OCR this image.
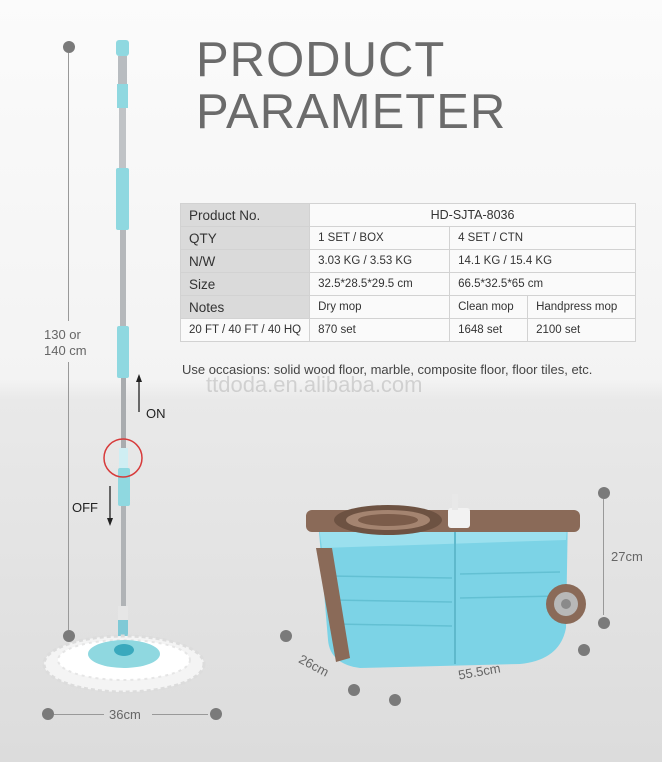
PRODUCT
PARAMETER
130 or
140 cm
36cm
27cm
26cm	55.5cm
ON
OFF
Product No.	HD-SJTA-8036		
QTY	1 SET / BOX	4 SET / CTN	
N/W	3.03 KG / 3.53 KG	14.1 KG / 15.4 KG	
Size	32.5*28.5*29.5 cm	66.5*32.5*65 cm	
Notes	Dry mop	Clean mop	Handpress mop
20 FT / 40 FT / 40 HQ	870 set	1648 set	2100 set
Use occasions: solid wood floor, marble, composite floor, floor tiles, etc.
ttdoda.en.alibaba.com
